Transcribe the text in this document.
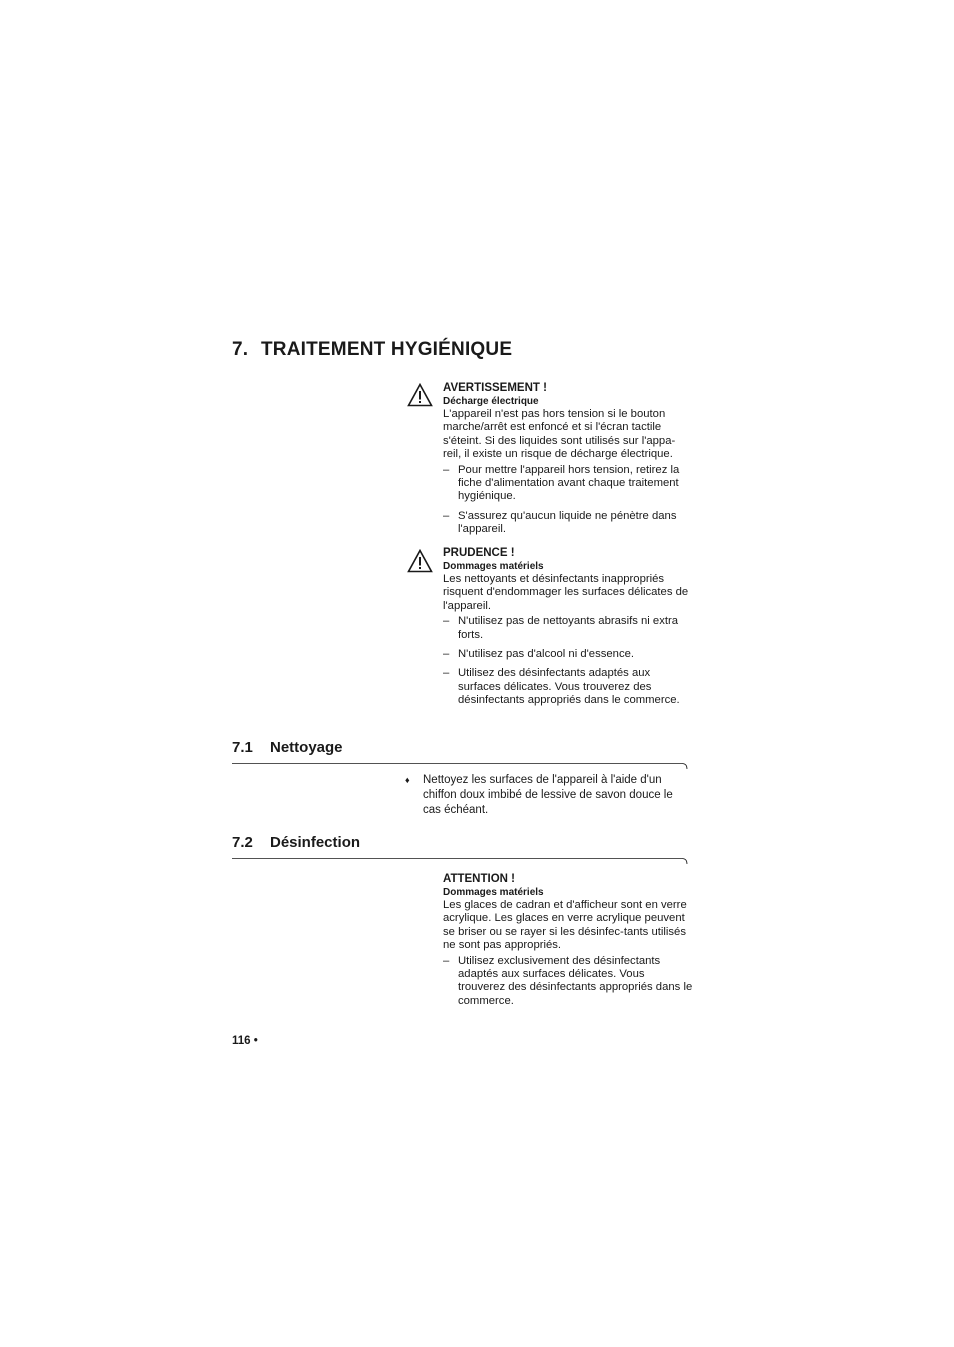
7. TRAITEMENT HYGIÉNIQUE
AVERTISSEMENT !
Décharge électrique

L'appareil n'est pas hors tension si le bouton marche/arrêt est enfoncé et si l'écran tactile s'éteint. Si des liquides sont utilisés sur l'appa-reil, il existe un risque de décharge électrique.

– Pour mettre l'appareil hors tension, retirez la fiche d'alimentation avant chaque traitement hygiénique.
– S'assurez qu'aucun liquide ne pénètre dans l'appareil.
PRUDENCE !
Dommages matériels

Les nettoyants et désinfectants inappropriés risquent d'endommager les surfaces délicates de l'appareil.

– N'utilisez pas de nettoyants abrasifs ni extra forts.
– N'utilisez pas d'alcool ni d'essence.
– Utilisez des désinfectants adaptés aux surfaces délicates. Vous trouverez des désinfectants appropriés dans le commerce.
7.1 Nettoyage
♦ Nettoyez les surfaces de l'appareil à l'aide d'un chiffon doux imbibé de lessive de savon douce le cas échéant.
7.2 Désinfection
ATTENTION !
Dommages matériels

Les glaces de cadran et d'afficheur sont en verre acrylique. Les glaces en verre acrylique peuvent se briser ou se rayer si les désinfec-tants utilisés ne sont pas appropriés.

– Utilisez exclusivement des désinfectants adaptés aux surfaces délicates. Vous trouverez des désinfectants appropriés dans le commerce.
116 •
